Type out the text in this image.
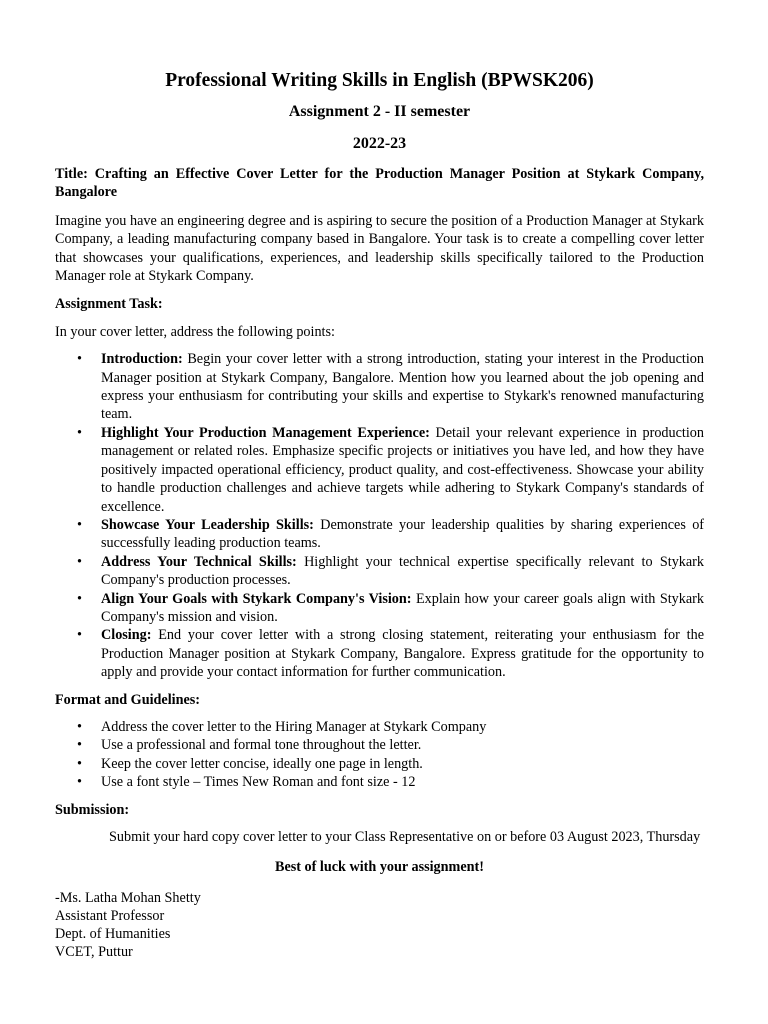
Professional Writing Skills in English (BPWSK206)
Assignment 2 - II semester
2022-23

Title: Crafting an Effective Cover Letter for the Production Manager Position at Stykark Company, Bangalore

Imagine you have an engineering degree and is aspiring to secure the position of a Production Manager at Stykark Company, a leading manufacturing company based in Bangalore. Your task is to create a compelling cover letter that showcases your qualifications, experiences, and leadership skills specifically tailored to the Production Manager role at Stykark Company.

Assignment Task:
In your cover letter, address the following points:
• Introduction: Begin your cover letter with a strong introduction, stating your interest in the Production Manager position at Stykark Company, Bangalore. Mention how you learned about the job opening and express your enthusiasm for contributing your skills and expertise to Stykark's renowned manufacturing team.
• Highlight Your Production Management Experience: Detail your relevant experience in production management or related roles. Emphasize specific projects or initiatives you have led, and how they have positively impacted operational efficiency, product quality, and cost-effectiveness. Showcase your ability to handle production challenges and achieve targets while adhering to Stykark Company's standards of excellence.
• Showcase Your Leadership Skills: Demonstrate your leadership qualities by sharing experiences of successfully leading production teams.
• Address Your Technical Skills: Highlight your technical expertise specifically relevant to Stykark Company's production processes.
• Align Your Goals with Stykark Company's Vision: Explain how your career goals align with Stykark Company's mission and vision.
• Closing: End your cover letter with a strong closing statement, reiterating your enthusiasm for the Production Manager position at Stykark Company, Bangalore. Express gratitude for the opportunity to apply and provide your contact information for further communication.
Format and Guidelines:
• Address the cover letter to the Hiring Manager at Stykark Company
• Use a professional and formal tone throughout the letter.
• Keep the cover letter concise, ideally one page in length.
• Use a font style – Times New Roman and font size - 12
Submission:

Submit your hard copy cover letter to your Class Representative on or before 03 August 2023, Thursday

Best of luck with your assignment!
-Ms. Latha Mohan Shetty
Assistant Professor
Dept. of Humanities
VCET, Puttur
